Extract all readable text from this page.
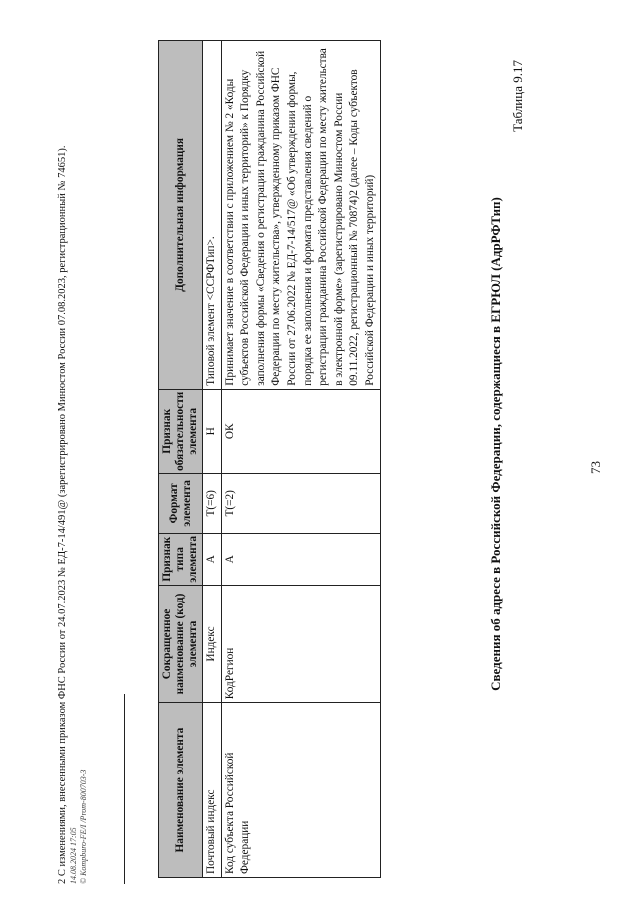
73
Таблица 9.17
Сведения об адресе в Российской Федерации, содержащиеся в ЕГРЮЛ (АдрРФТип)
Наименование элемента	Сокращенное наименование (код) элемента	Признак типа элемента	Формат элемента	Признак обязательности элемента	Дополнительная информация
Почтовый индекс	Индекс	А	T(=6)	Н	Типовой элемент <ССРФТип>.
Код субъекта Российской Федерации	КодРегион	А	T(=2)	ОК	Принимает значение в соответствии с приложением № 2 «Коды субъектов Российской Федерации и иных территорий» к Порядку заполнения формы «Сведения о регистрации гражданина Российской Федерации по месту жительства», утвержденному приказом ФНС России от 27.06.2022 № ЕД-7-14/517@ «Об утверждении формы, порядка ее заполнения и формата представления сведений о регистрации гражданина Российской Федерации по месту жительства в электронной форме» (зарегистрировано Минюстом России 09.11.2022, регистрационный № 70874)2 (далее – Коды субъектов Российской Федерации и иных территорий)
2 С изменениями, внесенными приказом ФНС России от 24.07.2023 № ЕД-7-14/491@ (зарегистрировано Минюстом России 07.08.2023, регистрационный № 74651). 14.08.2024 17:05 © Kompburo-FE/I /Prom-800703-3
